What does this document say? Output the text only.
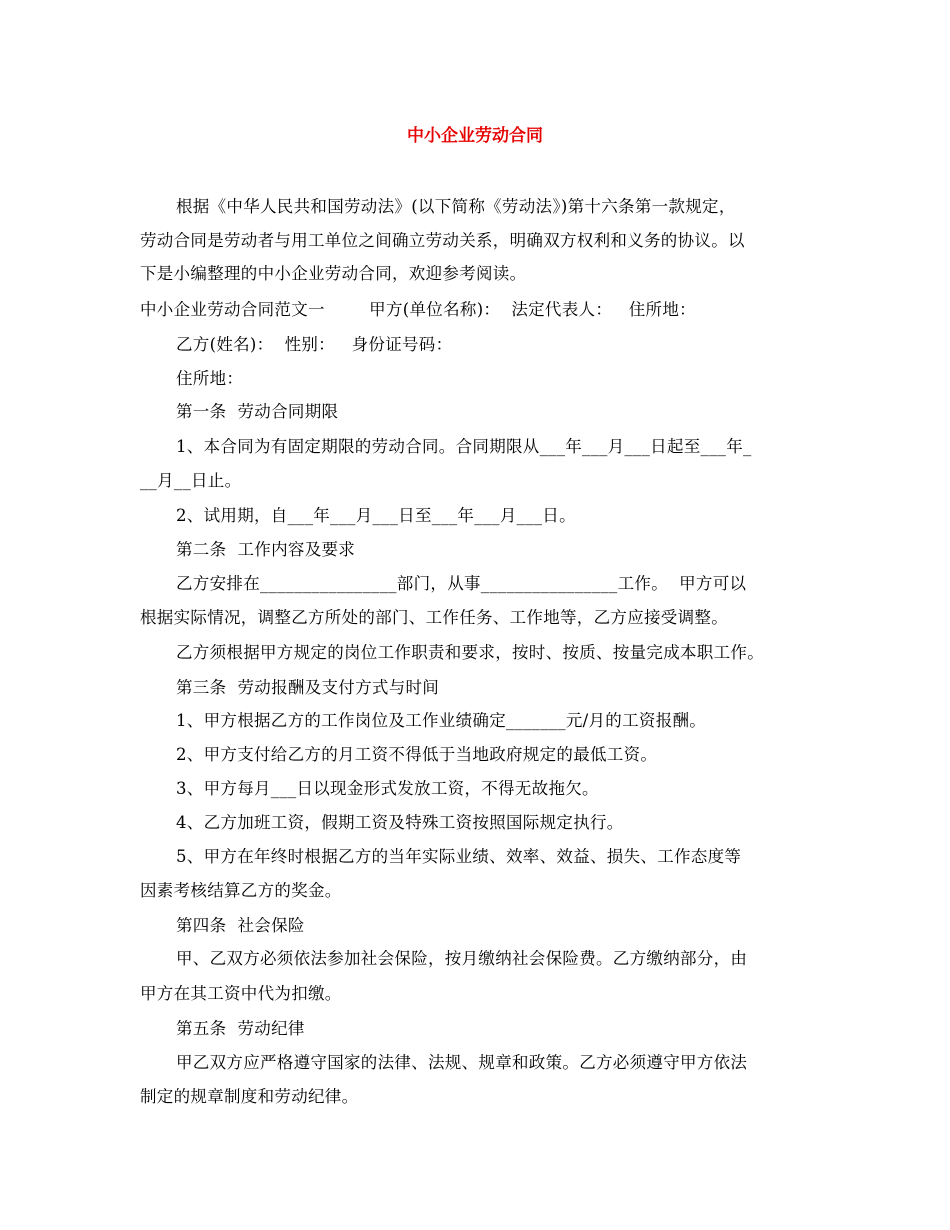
中小企业劳动合同
根据《中华人民共和国劳动法》(以下简称《劳动法》)第十六条第一款规定，
劳动合同是劳动者与用工单位之间确立劳动关系，明确双方权利和义务的协议。以
下是小编整理的中小企业劳动合同，欢迎参考阅读。
中小企业劳动合同范文一        甲方(单位名称)：  法定代表人：   住所地：
乙方(姓名)：  性别：   身份证号码：
住所地：
第一条  劳动合同期限
1、本合同为有固定期限的劳动合同。合同期限从___年___月___日起至___年_
__月__日止。
2、试用期，自___年___月___日至___年___月___日。
第二条  工作内容及要求
乙方安排在________________部门，从事________________工作。  甲方可以
根据实际情况，调整乙方所处的部门、工作任务、工作地等，乙方应接受调整。
乙方须根据甲方规定的岗位工作职责和要求，按时、按质、按量完成本职工作。
第三条  劳动报酬及支付方式与时间
1、甲方根据乙方的工作岗位及工作业绩确定_______元/月的工资报酬。
2、甲方支付给乙方的月工资不得低于当地政府规定的最低工资。
3、甲方每月___日以现金形式发放工资，不得无故拖欠。
4、乙方加班工资，假期工资及特殊工资按照国际规定执行。
5、甲方在年终时根据乙方的当年实际业绩、效率、效益、损失、工作态度等
因素考核结算乙方的奖金。
第四条  社会保险
甲、乙双方必须依法参加社会保险，按月缴纳社会保险费。乙方缴纳部分，由
甲方在其工资中代为扣缴。
第五条  劳动纪律
甲乙双方应严格遵守国家的法律、法规、规章和政策。乙方必须遵守甲方依法
制定的规章制度和劳动纪律。
